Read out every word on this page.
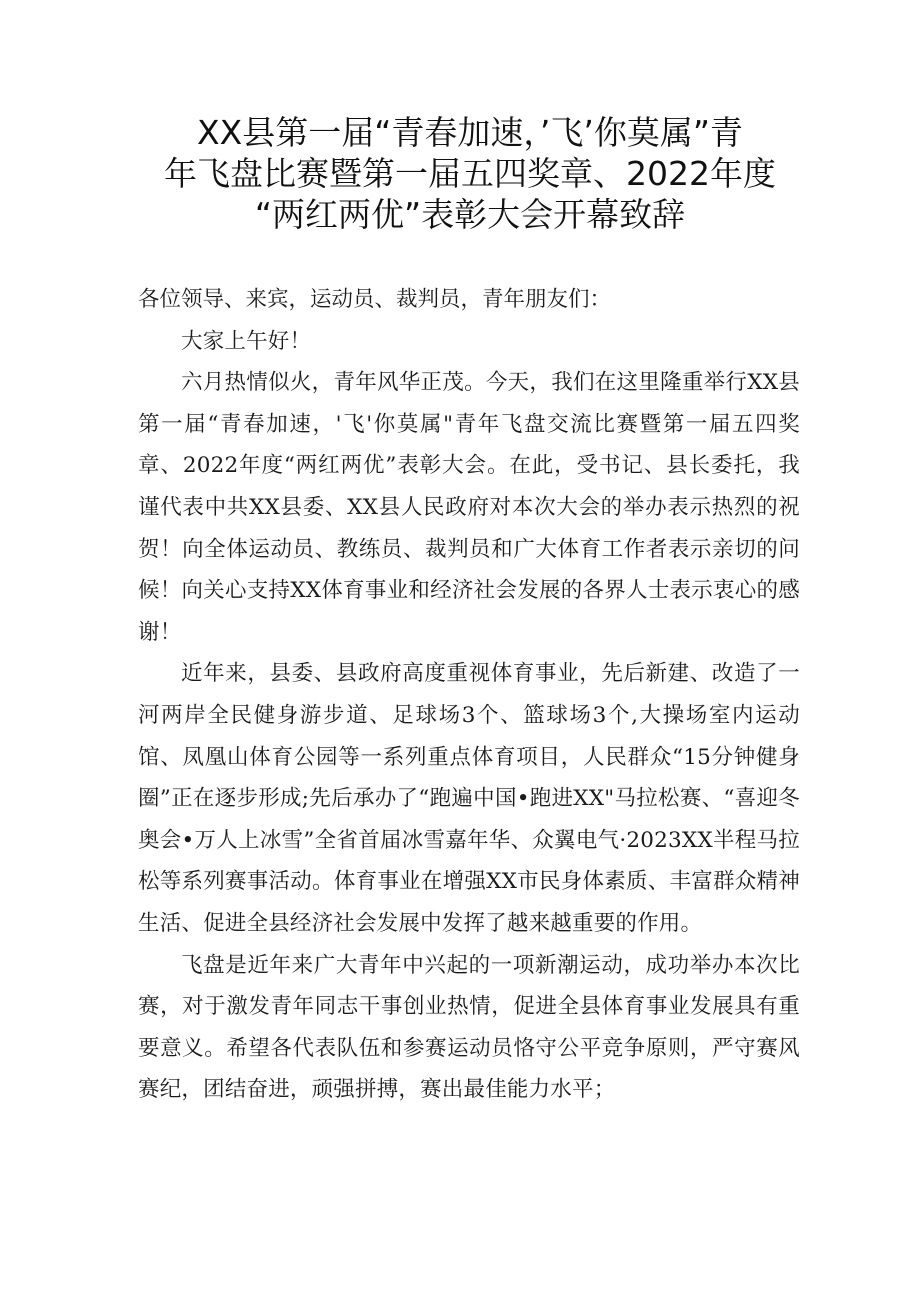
XX县第一届“青春加速，’飞’你莫属”青
年飞盘比赛暨第一届五四奖章、2022年度
“两红两优”表彰大会开幕致辞

各位领导、来宾，运动员、裁判员，青年朋友们：

大家上午好！

六月热情似火，青年风华正茂。今天，我们在这里隆重举行XX县第一届“青春加速，'飞'你莫属"青年飞盘交流比赛暨第一届五四奖章、2022年度“两红两优”表彰大会。在此，受书记、县长委托，我谨代表中共XX县委、XX县人民政府对本次大会的举办表示热烈的祝贺！向全体运动员、教练员、裁判员和广大体育工作者表示亲切的问候！向关心支持XX体育事业和经济社会发展的各界人士表示衷心的感谢！

近年来，县委、县政府高度重视体育事业，先后新建、改造了一河两岸全民健身游步道、足球场3个、篮球场3个,大操场室内运动馆、凤凰山体育公园等一系列重点体育项目，人民群众“15分钟健身圈”正在逐步形成;先后承办了“跑遍中国•跑进XX"马拉松赛、“喜迎冬奥会•万人上冰雪”全省首届冰雪嘉年华、众翼电气·2023XX半程马拉松等系列赛事活动。体育事业在增强XX市民身体素质、丰富群众精神生活、促进全县经济社会发展中发挥了越来越重要的作用。

飞盘是近年来广大青年中兴起的一项新潮运动，成功举办本次比赛，对于激发青年同志干事创业热情，促进全县体育事业发展具有重要意义。希望各代表队伍和参赛运动员恪守公平竞争原则，严守赛风赛纪，团结奋进，顽强拼搏，赛出最佳能力水平；
